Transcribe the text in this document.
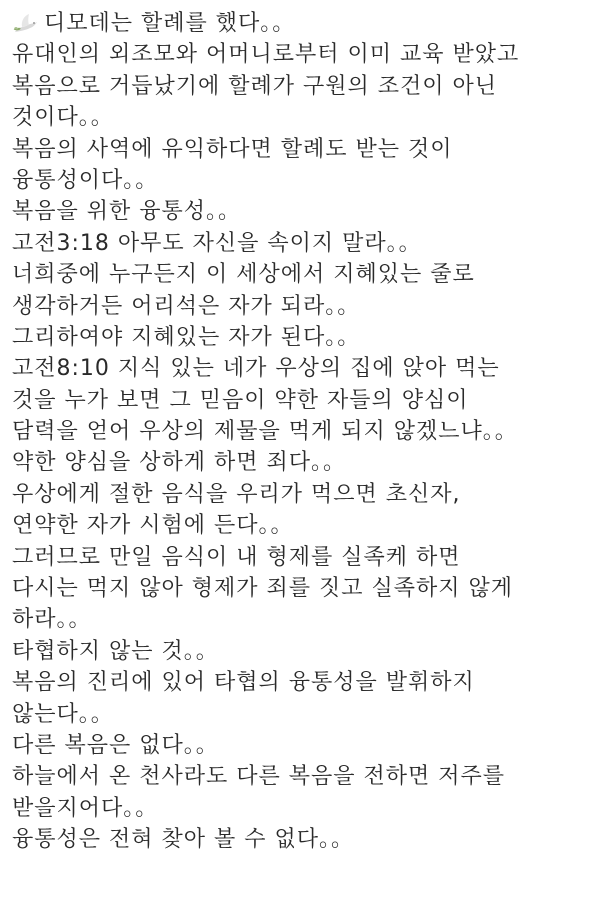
디모데는 할례를 했다。。
유대인의 외조모와 어머니로부터 이미 교육 받았고
복음으로 거듭났기에 할례가 구원의 조건이 아닌
것이다。。
복음의 사역에 유익하다면 할례도 받는 것이
융통성이다。。
복음을 위한 융통성。。
고전3:18 아무도 자신을 속이지 말라。。
너희중에 누구든지 이 세상에서 지혜있는 줄로
생각하거든 어리석은 자가 되라。。
그리하여야 지혜있는 자가 된다。。
고전8:10 지식 있는 네가 우상의 집에 앉아 먹는
것을 누가 보면 그 믿음이 약한 자들의 양심이
담력을 얻어 우상의 제물을 먹게 되지 않겠느냐。。
약한 양심을 상하게 하면 죄다。。
우상에게 절한 음식을 우리가 먹으면 초신자,
연약한 자가 시험에 든다。。
그러므로 만일 음식이 내 형제를 실족케 하면
다시는 먹지 않아 형제가 죄를 짓고 실족하지 않게
하라。。
타협하지 않는 것。。
복음의 진리에 있어 타협의 융통성을 발휘하지
않는다。。
다른 복음은 없다。。
하늘에서 온 천사라도 다른 복음을 전하면 저주를
받을지어다。。
융통성은 전혀 찾아 볼 수 없다。。
